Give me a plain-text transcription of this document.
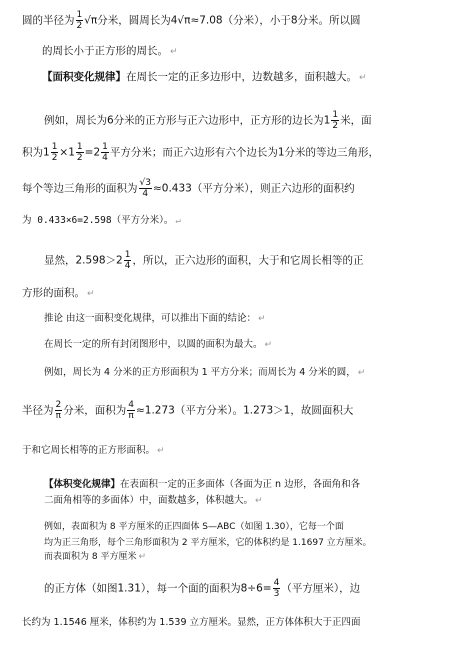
圆的半径为 $\frac{1}{2} √\pi$分米，圆周长为4√π≈7.08（分米），小于8分米。所以圆
的周长小于正方形的周长。 ↵
【面积变化规律】在周长一定的正多边形中，边数越多，面积越大。 ↵
例如，周长为6分米的正方形与正六边形中，正方形的边长为$1 \frac{1}{2}$ 米，面
积为$1 \frac{1}{2} \times 1 \frac{1}{2} =2 \frac{1}{4}$ 平方分米；而正六边形有六个边长为1分米的等边三角形，
每个等边三角形的面积为 $\frac{√3}{4} \approx 0.433$（平方分米），则正六边形的面积约
为 0.433×6=2.598（平方分米）。 ↵
显然，$2.598>2 \frac{1}{4}$ ，所以，正六边形的面积，大于和它周长相等的正
方形的面积。 ↵
推论 由这一面积变化规律，可以推出下面的结论： ↵
在周长一定的所有封闭图形中，以圆的面积为最大。 ↵
例如，周长为 4 分米的正方形面积为 1 平方分米；而周长为 4 分米的圆， ↵
半径为 $\frac{2}{\pi}$ 分米，面积为 $\frac{4}{\pi} \approx 1.273$（平方分米）。1.273＞1，故圆面积大
于和它周长相等的正方形面积。 ↵
【体积变化规律】在表面积一定的正多面体（各面为正 n 边形，各面角和各
二面角相等的多面体）中，面数越多，体积越大。 ↵
例如，表面积为 8 平方厘米的正四面体 S—ABC（如图 1.30），它每一个面
均为正三角形，每个三角形面积为 2 平方厘米，它的体积约是 1.1697 立方厘米。
而表面积为 8 平方厘米 ↵
的正方体（如图1.31），每一个面的面积为$8\div 6= \frac{4}{3}$ （平方厘米），边
长约为 1.1546 厘米，体积约为 1.539 立方厘米。显然，正方体体积大于正四面
